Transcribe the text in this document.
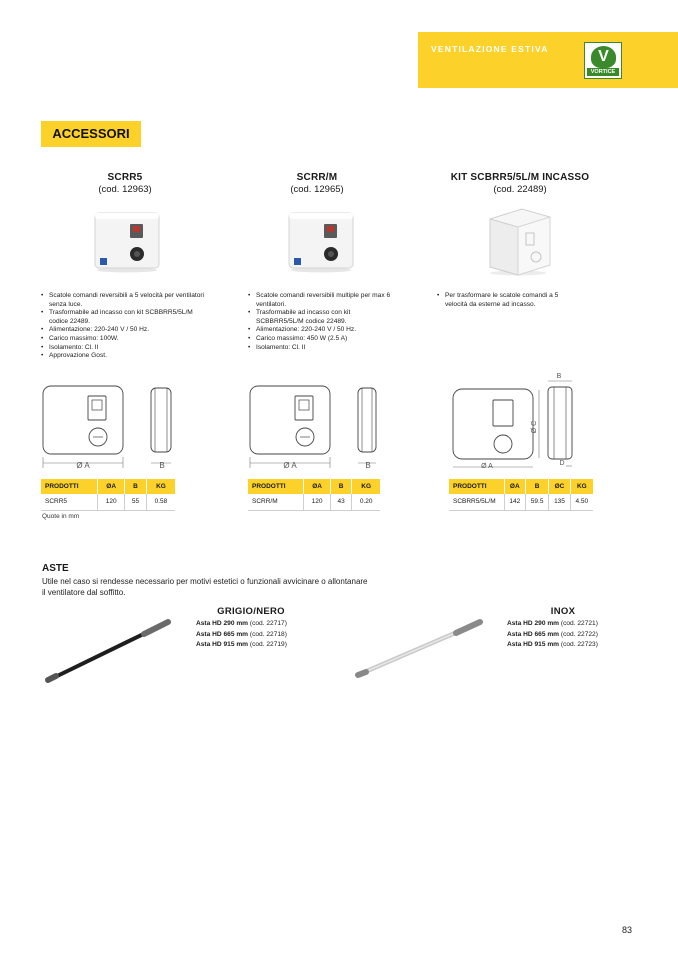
VENTILAZIONE ESTIVA	V
VORTICE
ACCESSORI
SCRR5
(cod. 12963)
• Scatole comandi reversibili a 5 velocità per ventilatori senza luce.
• Trasformabile ad incasso con kit SCBBRR5/5L/M codice 22489.
• Alimentazione: 220-240 V / 50 Hz.
• Carico massimo: 100W.
• Isolamento: Cl. II
• Approvazione Gost.
Ø A	B
PRODOTTI	ØA	B	KG
SCRR5	120	55	0.58
SCRR/M
(cod. 12965)
• Scatole comandi reversibili multiple per max 6 ventilatori.
• Trasformabile ad incasso con kit SCBBRR5/5L/M codice 22489.
• Alimentazione: 220-240 V / 50 Hz.
• Carico massimo: 450 W (2.5 A)
• Isolamento: Cl. II
Ø A	B
PRODOTTI	ØA	B	KG
SCRR/M	120	43	0.20
KIT SCBRR5/5L/M INCASSO
(cod. 22489)
• Per trasformare le scatole comandi a 5 velocità da esterne ad incasso.
Ø A
B
Ø C
D
PRODOTTI	ØA	B	ØC	KG
SCBRR5/5L/M	142	59.5	135	4.50
Quote in mm
ASTE
Utile nel caso si rendesse necessario per motivi estetici o funzionali avvicinare o allontanare il ventilatore dal soffitto.
GRIGIO/NERO
Asta HD 290 mm (cod. 22717)
Asta HD 665 mm (cod. 22718)
Asta HD 915 mm (cod. 22719)
INOX
Asta HD 290 mm (cod. 22721)
Asta HD 665 mm (cod. 22722)
Asta HD 915 mm (cod. 22723)
83
